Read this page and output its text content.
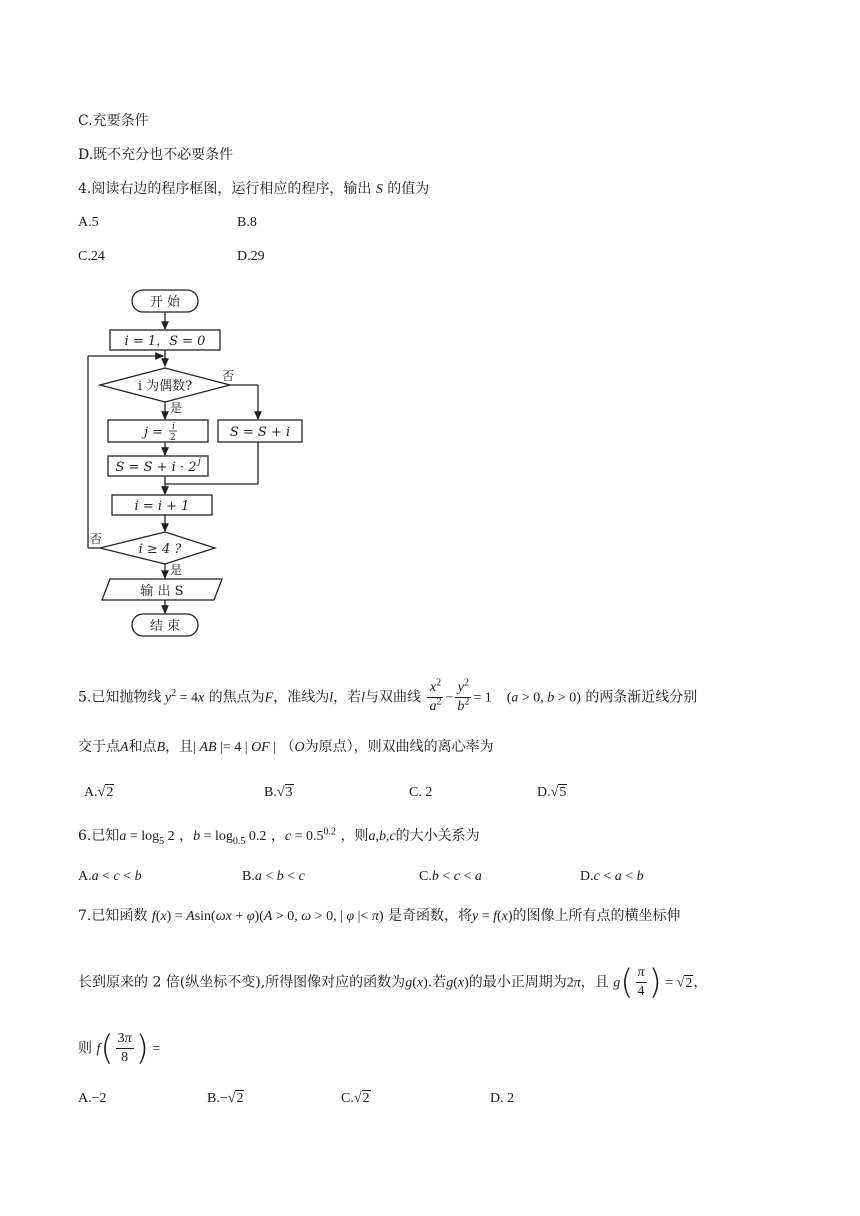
C.充要条件
D.既不充分也不必要条件
4.阅读右边的程序框图，运行相应的程序，输出 S 的值为
A.5	B.8
C.24	D.29
开 始
i = 1，S = 0
i 为偶数?
否
是
j = i
2
S = S + i · 2 j
S = S + i
i = i + 1
i ≥ 4 ?
否
是
输 出 S
结 束
5.已知抛物线 $y^2 = 4x$ 的焦点为F，准线为l，若l与双曲线 $\frac{x^2}{a^2} - \frac{y^2}{b^2} = 1$    (a > 0, b > 0) 的两条渐近线分别
交于点A和点B，且| AB |= 4 | OF | （O为原点），则双曲线的离心率为
A.√2	B.√3	C. 2	D.√5
6.已知$a = \log_5 2$ ，$b = \log_{0.5} 0.2$ ，$c = 0.5^{0.2}$ ，则a,b,c的大小关系为
A.a < c < b	B.a < b < c	C.b < c < a	D.c < a < b
7.已知函数 f(x) = Asin(ωx + φ)(A > 0, ω > 0, | φ |< π) 是奇函数，将y = f(x)的图像上所有点的横坐标伸
长到原来的 2 倍(纵坐标不变),所得图像对应的函数为g(x).若g(x)的最小正周期为2π，且 $g( \frac{\pi}{4}$ ) = √2，
则 $f( \frac{3\pi}{8}$ ) =
A.−2	B.−√2	C.√2	D. 2
